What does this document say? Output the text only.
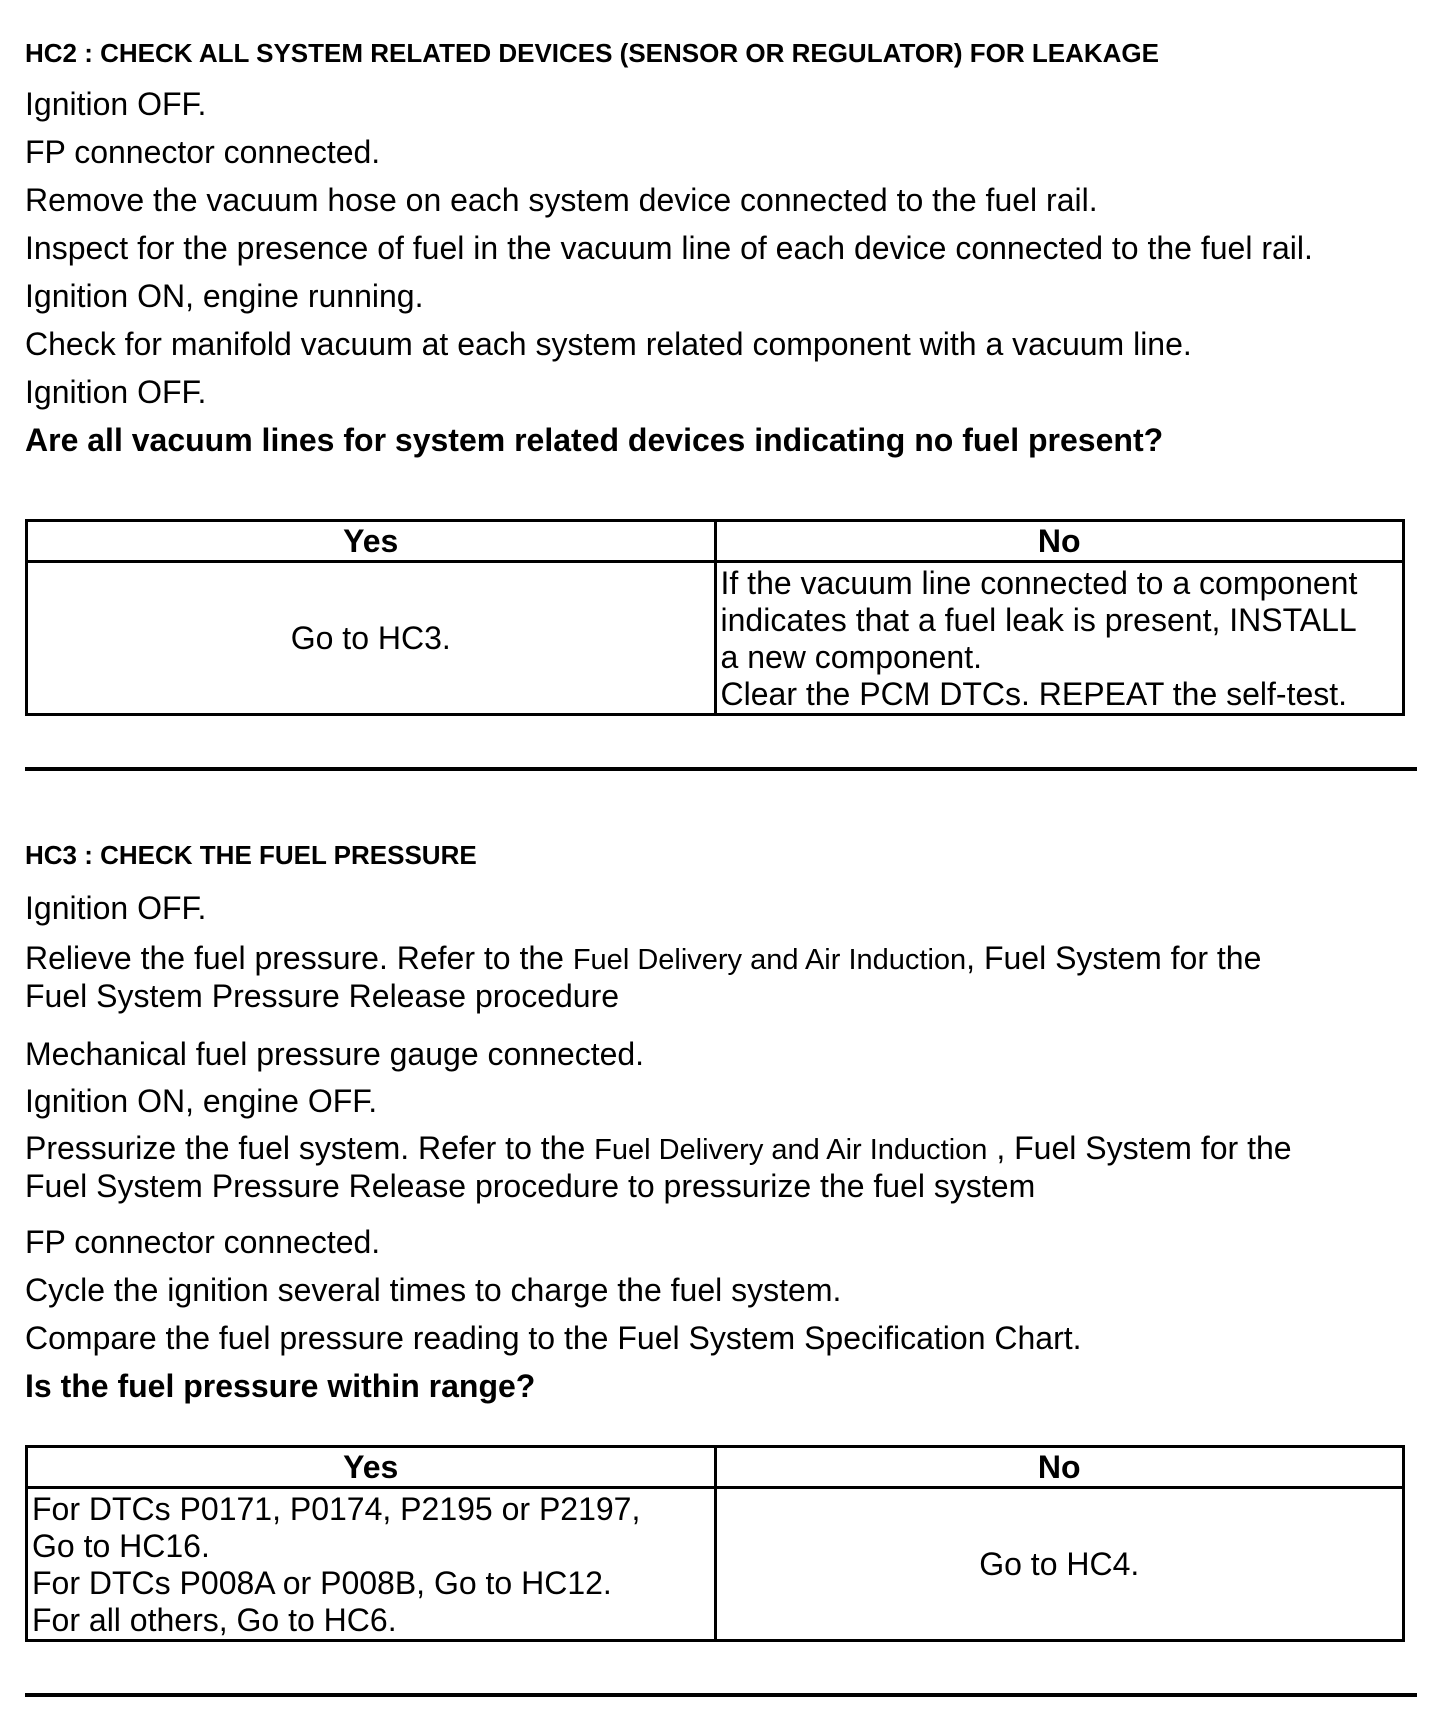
HC2 : CHECK ALL SYSTEM RELATED DEVICES (SENSOR OR REGULATOR) FOR LEAKAGE
Ignition OFF.
FP connector connected.
Remove the vacuum hose on each system device connected to the fuel rail.
Inspect for the presence of fuel in the vacuum line of each device connected to the fuel rail.
Ignition ON, engine running.
Check for manifold vacuum at each system related component with a vacuum line.
Ignition OFF.
Are all vacuum lines for system related devices indicating no fuel present?
Yes	No
Go to HC3.	If the vacuum line connected to a component
indicates that a fuel leak is present, INSTALL
a new component.
Clear the PCM DTCs. REPEAT the self-test.
HC3 : CHECK THE FUEL PRESSURE
Ignition OFF.
Relieve the fuel pressure. Refer to the Fuel Delivery and Air Induction, Fuel System for the
Fuel System Pressure Release procedure
Mechanical fuel pressure gauge connected.
Ignition ON, engine OFF.
Pressurize the fuel system. Refer to the Fuel Delivery and Air Induction , Fuel System for the
Fuel System Pressure Release procedure to pressurize the fuel system
FP connector connected.
Cycle the ignition several times to charge the fuel system.
Compare the fuel pressure reading to the Fuel System Specification Chart.
Is the fuel pressure within range?
Yes	No

For DTCs P0171, P0174, P2195 or P2197,
Go to HC16.
For DTCs P008A or P008B, Go to HC12.
For all others, Go to HC6.	Go to HC4.
